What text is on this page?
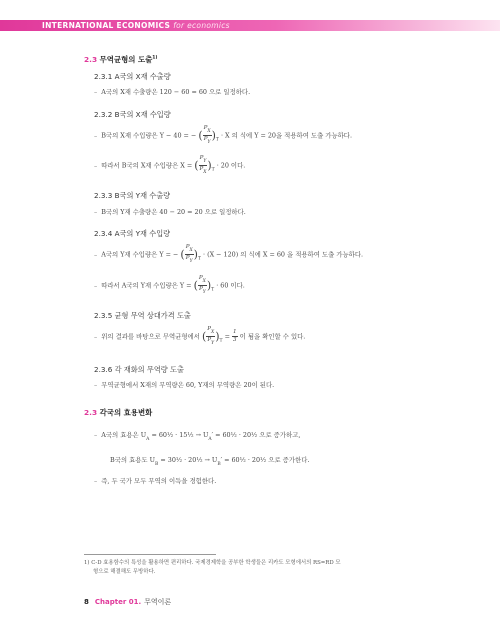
INTERNATIONAL ECONOMICS for economics
2.3 무역균형의 도출$^{1)}$
2.3.1 A국의 X재 수출량
– A국의 X재 수출량은 120 − 60 = 60 으로 일정하다.
2.3.2 B국의 X재 수입량
– B국의 X재 수입량은 Y − 40 = − ( $\frac{P_X}{P_Y} )_T \cdot X$ 의 식에 Y = 20을 적용하여 도출 가능하다.
– 따라서 B국의 X재 수입량은 X = ( $\frac{P_Y}{P_X} )_T \cdot 20$ 이다.
2.3.3 B국의 Y재 수출량
– B국의 Y재 수출량은 40 − 20 = 20 으로 일정하다.
2.3.4 A국의 Y재 수입량
– A국의 Y재 수입량은 Y = − ( $\frac{P_X}{P_Y} )_T \cdot (X - 120)$ 의 식에 X = 60 을 적용하여 도출 가능하다.
– 따라서 A국의 Y재 수입량은 Y = ( $\frac{P_X}{P_Y} )_T \cdot 60$ 이다.
2.3.5 균형 무역 상대가격 도출
– 위의 결과를 바탕으로 무역균형에서 ( $\frac{P_X}{P_Y} )_T = \frac{1}{3}$ 이 됨을 확인할 수 있다.
2.3.6 각 재화의 무역량 도출
– 무역균형에서 X재의 무역량은 60, Y재의 무역량은 20이 된다.
2.3 각국의 효용변화
– A국의 효용은 $U_A$ = 60½ · 15½ → $U_A'$ = 60½ · 20½ 으로 증가하고,
B국의 효용도 $U_B$ = 30½ · 20½ → $U_B'$ = 60½ · 20½ 으로 증가한다.
– 즉, 두 국가 모두 무역의 이득을 경험한다.
1) C-D 효용함수의 특성을 활용하면 편리하다. 국제경제학을 공부한 학생들은 리카도 모형에서의 RS=RD 모
형으로 해결해도 무방하다.
8 Chapter 01. 무역이론
